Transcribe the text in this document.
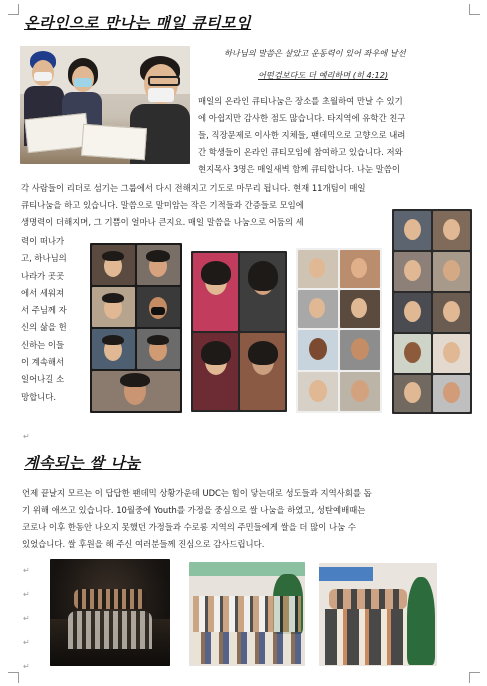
온라인으로 만나는 매일 큐티모임
하나님의 말씀은 살았고 운동력이 있어 좌우에 날선
어떤검보다도 더 예리하며 (히 4:12)
매일의 온라인 큐티나눔은 장소를 초월하여 만날 수 있기
에 아쉽지만 감사한 점도 많습니다. 타지역에 유학간 친구
들, 직장문제로 이사한 지체들, 팬데믹으로 고향으로 내려
간 학생들이 온라인 큐티모임에 참여하고 있습니다. 저와
현지목사 3명은 매일새벽 함께 큐티합니다. 나눈 말씀이
각 사람들이 리더로 섬기는 그룹에서 다시 전해지고 기도로 마무리 됩니다. 현재 11개팀이 매일
큐티나눔을 하고 있습니다. 말씀으로 말미암는 작은 기적들과 간증들로 모임에
생명력이 더해지며, 그 기쁨이 얼마나 큰지요. 매일 말씀을 나눔으로 어둠의 세
력이 떠나가
고, 하나님의
나라가 곳곳
에서 세워져
서 주님께 자
신의 삶을 헌
신하는 이들
이 계속해서
일어나길 소
망합니다.
↵
계속되는 쌀 나눔
언제 끝날지 모르는 이 답답한 팬데믹 상황가운데 UDC는 힘이 닿는대로 성도들과 지역사회를 돕
기 위해 애쓰고 있습니다. 10월중에 Youth를 가정을 중심으로 쌀 나눔을 하였고, 성탄예배때는
코로나 이후 한동안 나오지 못했던 가정들과 수로롱 지역의 주민들에게 쌀을 더 많이 나눔 수
있었습니다. 쌀 후원을 해 주신 여러분들께 진심으로 감사드립니다.
↵
↵
↵
↵
↵
